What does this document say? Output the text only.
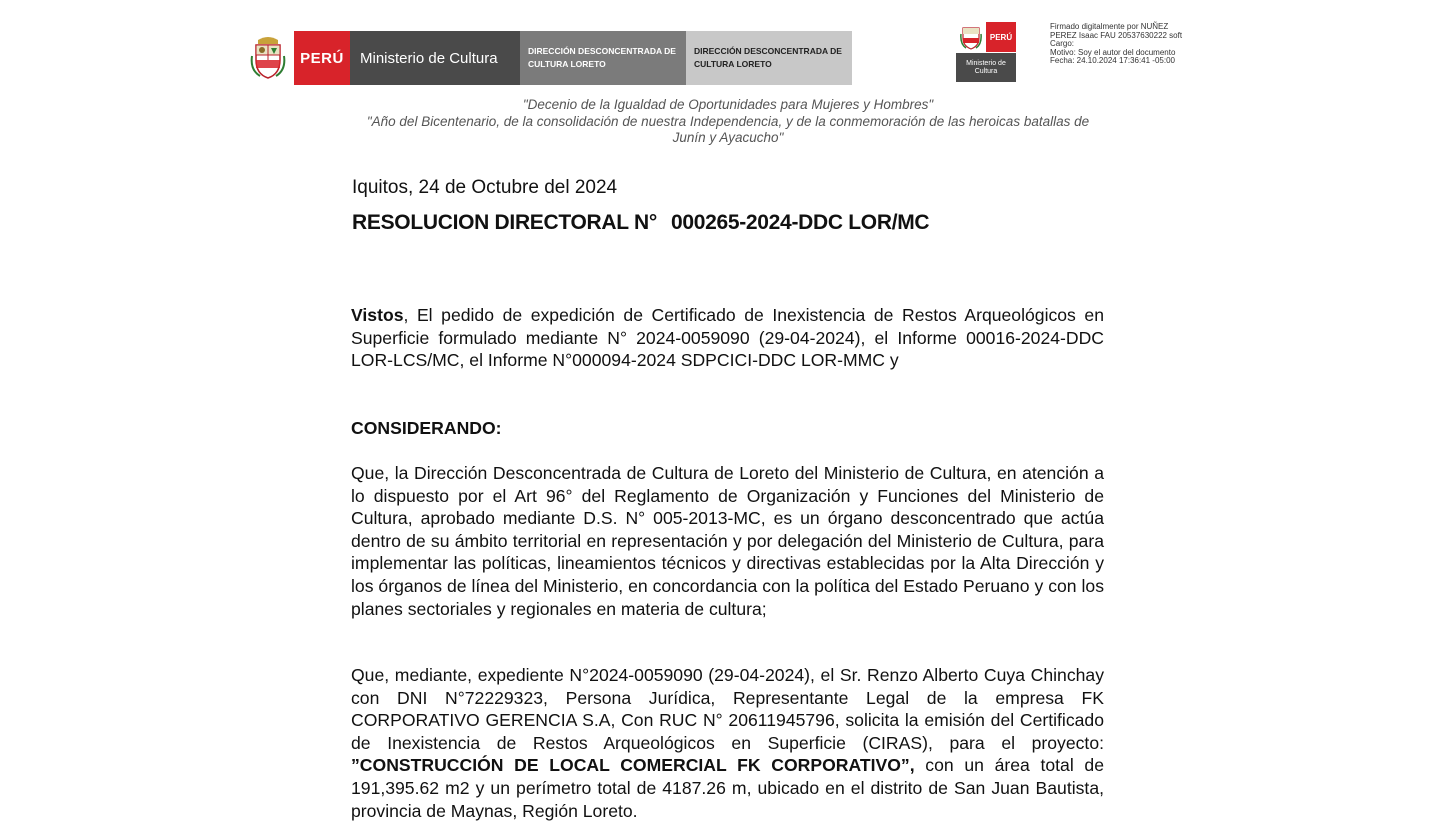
PERÚ	Ministerio de Cultura	DIRECCIÓN DESCONCENTRADA DE CULTURA LORETO
DIRECCIÓN DESCONCENTRADA DE CULTURA LORETO
PERÚ
Ministerio de Cultura
Firmado digitalmente por NUÑEZ
PEREZ Isaac FAU 20537630222 soft
Cargo:
Motivo: Soy el autor del documento
Fecha: 24.10.2024 17:36:41 -05:00
"Decenio de la Igualdad de Oportunidades para Mujeres y Hombres"
"Año del Bicentenario, de la consolidación de nuestra Independencia, y de la conmemoración de las heroicas batallas de Junín y Ayacucho"
Iquitos, 24 de Octubre del 2024
RESOLUCION DIRECTORAL N° 000265-2024-DDC LOR/MC

Vistos, El pedido de expedición de Certificado de Inexistencia de Restos Arqueológicos en Superficie formulado mediante N° 2024-0059090 (29-04-2024), el Informe 00016-2024-DDC LOR-LCS/MC, el Informe N°000094-2024 SDPCICI-DDC LOR-MMC y

CONSIDERANDO:

Que, la Dirección Desconcentrada de Cultura de Loreto del Ministerio de Cultura, en atención a lo dispuesto por el Art 96° del Reglamento de Organización y Funciones del Ministerio de Cultura, aprobado mediante D.S. N° 005-2013-MC, es un órgano desconcentrado que actúa dentro de su ámbito territorial en representación y por delegación del Ministerio de Cultura, para implementar las políticas, lineamientos técnicos y directivas establecidas por la Alta Dirección y los órganos de línea del Ministerio, en concordancia con la política del Estado Peruano y con los planes sectoriales y regionales en materia de cultura;

Que, mediante, expediente N°2024-0059090 (29-04-2024), el Sr. Renzo Alberto Cuya Chinchay con DNI N°72229323, Persona Jurídica, Representante Legal de la empresa FK CORPORATIVO GERENCIA S.A, Con RUC N° 20611945796, solicita la emisión del Certificado de Inexistencia de Restos Arqueológicos en Superficie (CIRAS), para el proyecto: ”CONSTRUCCIÓN DE LOCAL COMERCIAL FK CORPORATIVO”, con un área total de 191,395.62 m2 y un perímetro total de 4187.26 m, ubicado en el distrito de San Juan Bautista, provincia de Maynas, Región Loreto.
